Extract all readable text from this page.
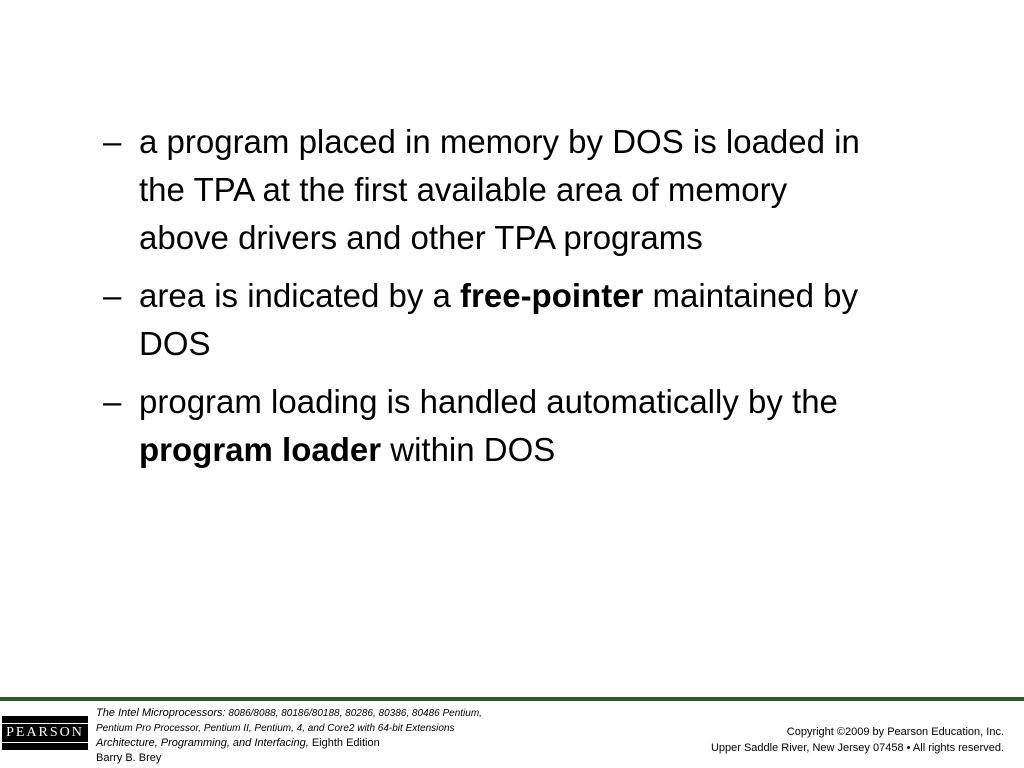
– a program placed in memory by DOS is loaded in the TPA at the first available area of memory above drivers and other TPA programs
– area is indicated by a free-pointer maintained by DOS
– program loading is handled automatically by the program loader within DOS
PEARSON
The Intel Microprocessors: 8086/8088, 80186/80188, 80286, 80386, 80486 Pentium,
Pentium Pro Processor, Pentium II, Pentium, 4, and Core2 with 64-bit Extensions
Architecture, Programming, and Interfacing, Eighth Edition
Barry B. Brey
Copyright ©2009 by Pearson Education, Inc.
Upper Saddle River, New Jersey 07458 • All rights reserved.
